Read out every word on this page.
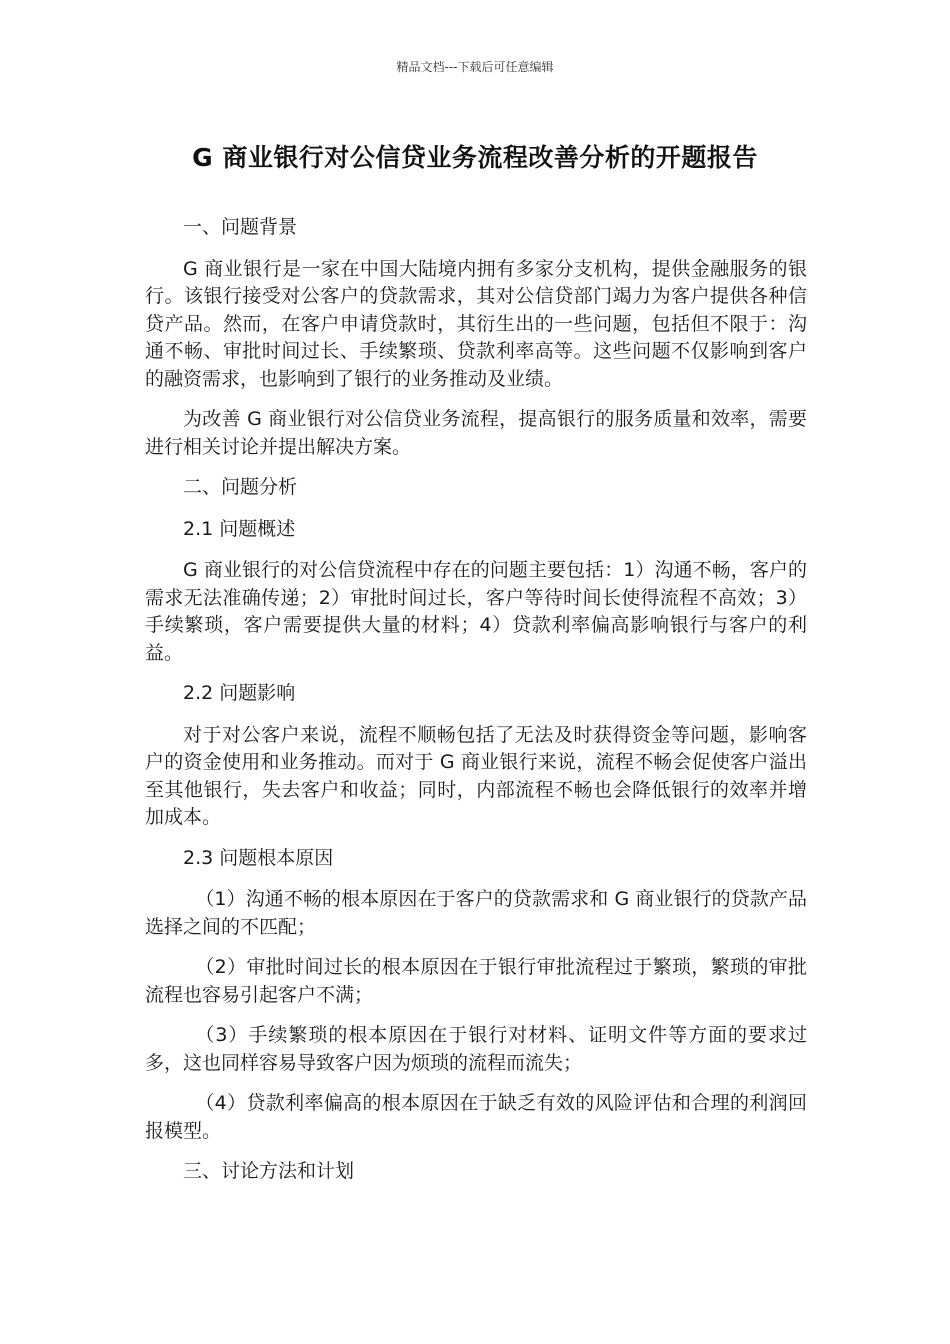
精品文档---下载后可任意编辑
G 商业银行对公信贷业务流程改善分析的开题报告

一、问题背景

G 商业银行是一家在中国大陆境内拥有多家分支机构，提供金融服务的银行。该银行接受对公客户的贷款需求，其对公信贷部门竭力为客户提供各种信贷产品。然而，在客户申请贷款时，其衍生出的一些问题，包括但不限于：沟通不畅、审批时间过长、手续繁琐、贷款利率高等。这些问题不仅影响到客户的融资需求，也影响到了银行的业务推动及业绩。

为改善 G 商业银行对公信贷业务流程，提高银行的服务质量和效率，需要进行相关讨论并提出解决方案。

二、问题分析

2.1 问题概述

G 商业银行的对公信贷流程中存在的问题主要包括：1）沟通不畅，客户的需求无法准确传递；2）审批时间过长，客户等待时间长使得流程不高效；3）手续繁琐，客户需要提供大量的材料；4）贷款利率偏高影响银行与客户的利益。

2.2 问题影响

对于对公客户来说，流程不顺畅包括了无法及时获得资金等问题，影响客户的资金使用和业务推动。而对于 G 商业银行来说，流程不畅会促使客户溢出至其他银行，失去客户和收益；同时，内部流程不畅也会降低银行的效率并增加成本。

2.3 问题根本原因

（1）沟通不畅的根本原因在于客户的贷款需求和 G 商业银行的贷款产品选择之间的不匹配；

（2）审批时间过长的根本原因在于银行审批流程过于繁琐，繁琐的审批流程也容易引起客户不满；

（3）手续繁琐的根本原因在于银行对材料、证明文件等方面的要求过多，这也同样容易导致客户因为烦琐的流程而流失；

（4）贷款利率偏高的根本原因在于缺乏有效的风险评估和合理的利润回报模型。

三、讨论方法和计划
